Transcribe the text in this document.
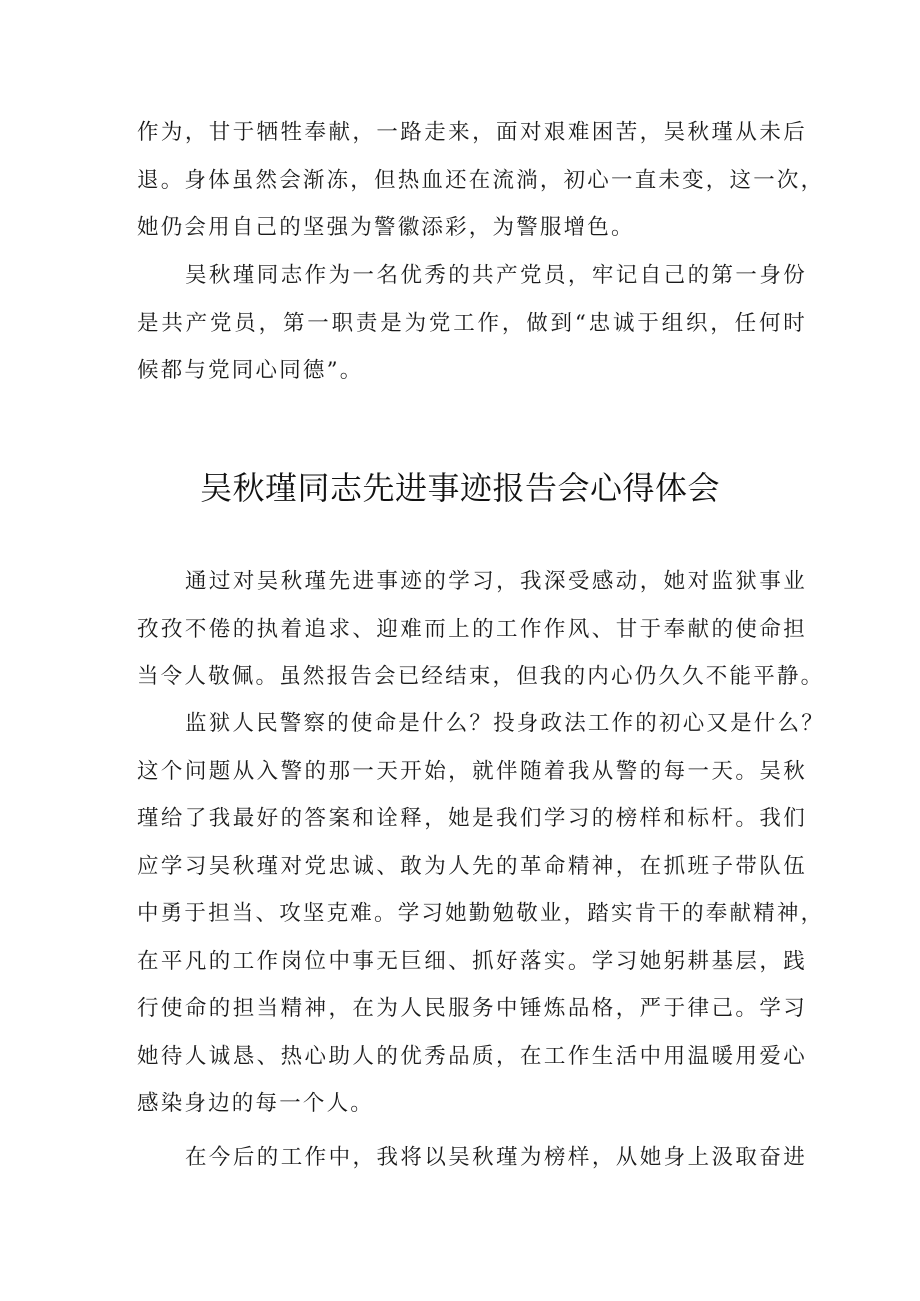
作为，甘于牺牲奉献，一路走来，面对艰难困苦，吴秋瑾从未后
退。身体虽然会渐冻，但热血还在流淌，初心一直未变，这一次，
她仍会用自己的坚强为警徽添彩，为警服增色。
吴秋瑾同志作为一名优秀的共产党员，牢记自己的第一身份
是共产党员，第一职责是为党工作，做到“忠诚于组织，任何时
候都与党同心同德”。
吴秋瑾同志先进事迹报告会心得体会
通过对吴秋瑾先进事迹的学习，我深受感动，她对监狱事业
孜孜不倦的执着追求、迎难而上的工作作风、甘于奉献的使命担
当令人敬佩。虽然报告会已经结束，但我的内心仍久久不能平静。
监狱人民警察的使命是什么？投身政法工作的初心又是什么？
这个问题从入警的那一天开始，就伴随着我从警的每一天。吴秋
瑾给了我最好的答案和诠释，她是我们学习的榜样和标杆。我们
应学习吴秋瑾对党忠诚、敢为人先的革命精神，在抓班子带队伍
中勇于担当、攻坚克难。学习她勤勉敬业，踏实肯干的奉献精神，
在平凡的工作岗位中事无巨细、抓好落实。学习她躬耕基层，践
行使命的担当精神，在为人民服务中锤炼品格，严于律己。学习
她待人诚恳、热心助人的优秀品质，在工作生活中用温暖用爱心
感染身边的每一个人。
在今后的工作中，我将以吴秋瑾为榜样，从她身上汲取奋进
